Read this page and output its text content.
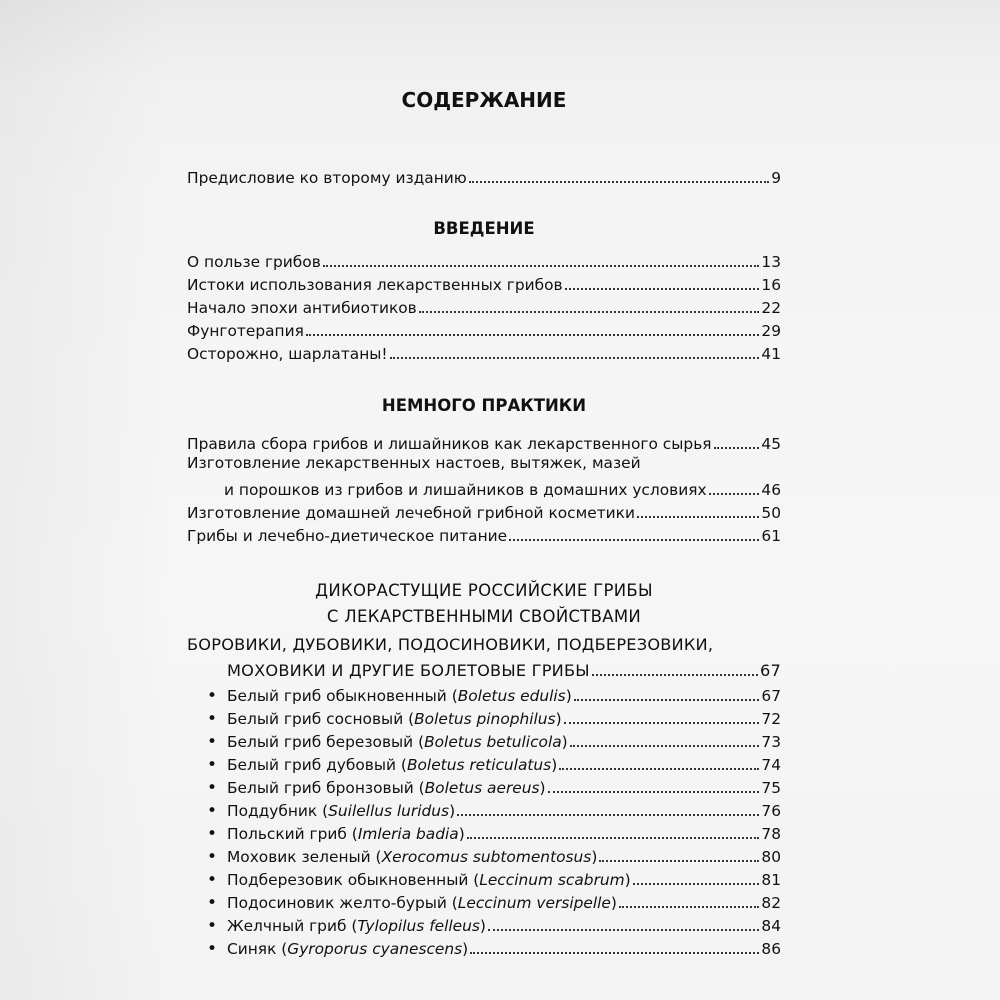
СОДЕРЖАНИЕ
Предисловие ко второму изданию	9
ВВЕДЕНИЕ
О пользе грибов	13
Истоки использования лекарственных грибов	16
Начало эпохи антибиотиков	22
Фунготерапия	29
Осторожно, шарлатаны!	41
НЕМНОГО ПРАКТИКИ
Правила сбора грибов и лишайников как лекарственного сырья	45
Изготовление лекарственных настоев, вытяжек, мазей
и порошков из грибов и лишайников в домашних условиях	46
Изготовление домашней лечебной грибной косметики	50
Грибы и лечебно-диетическое питание	61
ДИКОРАСТУЩИЕ РОССИЙСКИЕ ГРИБЫ
С ЛЕКАРСТВЕННЫМИ СВОЙСТВАМИ
БОРОВИКИ, ДУБОВИКИ, ПОДОСИНОВИКИ, ПОДБЕРЕЗОВИКИ,
МОХОВИКИ И ДРУГИЕ БОЛЕТОВЫЕ ГРИБЫ	67
• Белый гриб обыкновенный (Boletus edulis)	67
• Белый гриб сосновый (Boletus pinophilus)	72
• Белый гриб березовый (Boletus betulicola)	73
• Белый гриб дубовый (Boletus reticulatus)	74
• Белый гриб бронзовый (Boletus aereus)	75
• Поддубник (Suilellus luridus)	76
• Польский гриб (Imleria badia)	78
• Моховик зеленый (Xerocomus subtomentosus)	80
• Подберезовик обыкновенный (Leccinum scabrum)	81
• Подосиновик желто-бурый (Leccinum versipelle)	82
• Желчный гриб (Tylopilus felleus)	84
• Синяк (Gyroporus cyanescens)	86
